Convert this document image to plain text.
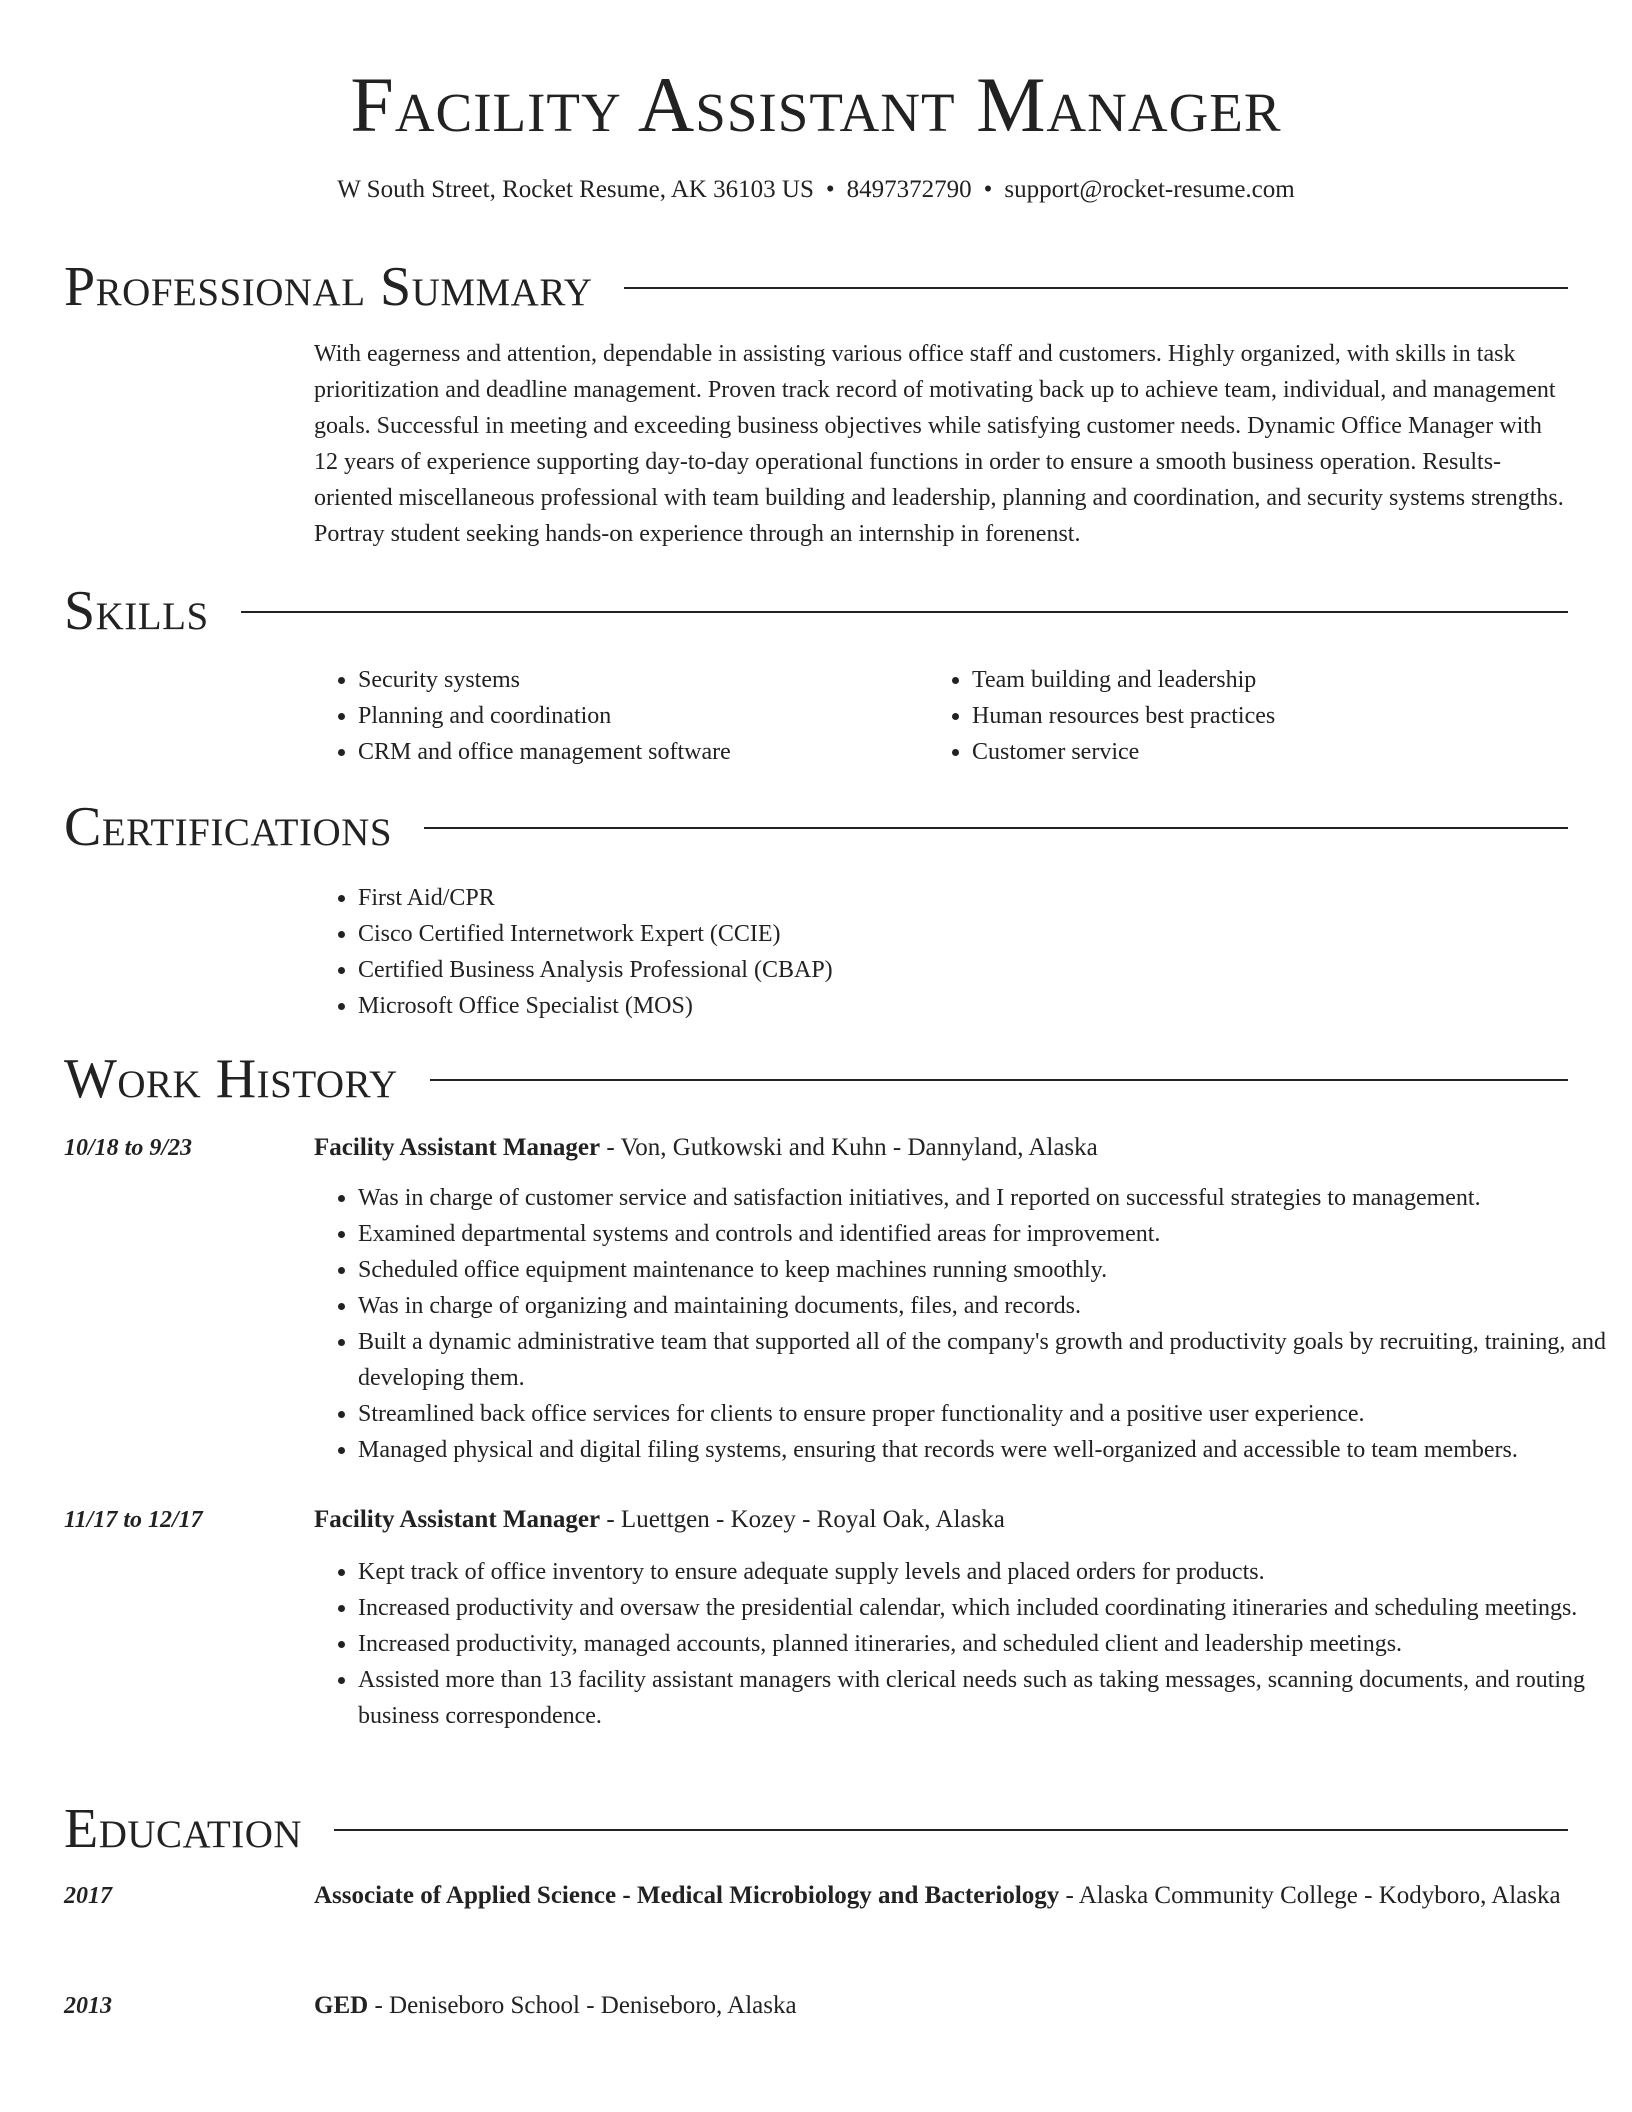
Facility Assistant Manager
W South Street, Rocket Resume, AK 36103 US • 8497372790 • support@rocket-resume.com
Professional Summary

With eagerness and attention, dependable in assisting various office staff and customers. Highly organized, with skills in task prioritization and deadline management. Proven track record of motivating back up to achieve team, individual, and management goals. Successful in meeting and exceeding business objectives while satisfying customer needs. Dynamic Office Manager with 12 years of experience supporting day-to-day operational functions in order to ensure a smooth business operation. Results-oriented miscellaneous professional with team building and leadership, planning and coordination, and security systems strengths. Portray student seeking hands-on experience through an internship in forenenst.

Skills
• Security systems
• Planning and coordination
• CRM and office management software
• Team building and leadership
• Human resources best practices
• Customer service
Certifications
• First Aid/CPR
• Cisco Certified Internetwork Expert (CCIE)
• Certified Business Analysis Professional (CBAP)
• Microsoft Office Specialist (MOS)
Work History
10/18 to 9/23	Facility Assistant Manager - Von, Gutkowski and Kuhn - Dannyland, Alaska
• Was in charge of customer service and satisfaction initiatives, and I reported on successful strategies to management.
• Examined departmental systems and controls and identified areas for improvement.
• Scheduled office equipment maintenance to keep machines running smoothly.
• Was in charge of organizing and maintaining documents, files, and records.
• Built a dynamic administrative team that supported all of the company's growth and productivity goals by recruiting, training, and developing them.
• Streamlined back office services for clients to ensure proper functionality and a positive user experience.
• Managed physical and digital filing systems, ensuring that records were well-organized and accessible to team members.
11/17 to 12/17	Facility Assistant Manager - Luettgen - Kozey - Royal Oak, Alaska
• Kept track of office inventory to ensure adequate supply levels and placed orders for products.
• Increased productivity and oversaw the presidential calendar, which included coordinating itineraries and scheduling meetings.
• Increased productivity, managed accounts, planned itineraries, and scheduled client and leadership meetings.
• Assisted more than 13 facility assistant managers with clerical needs such as taking messages, scanning documents, and routing business correspondence.
Education
2017	Associate of Applied Science - Medical Microbiology and Bacteriology - Alaska Community College - Kodyboro, Alaska
2013	GED - Deniseboro School - Deniseboro, Alaska
